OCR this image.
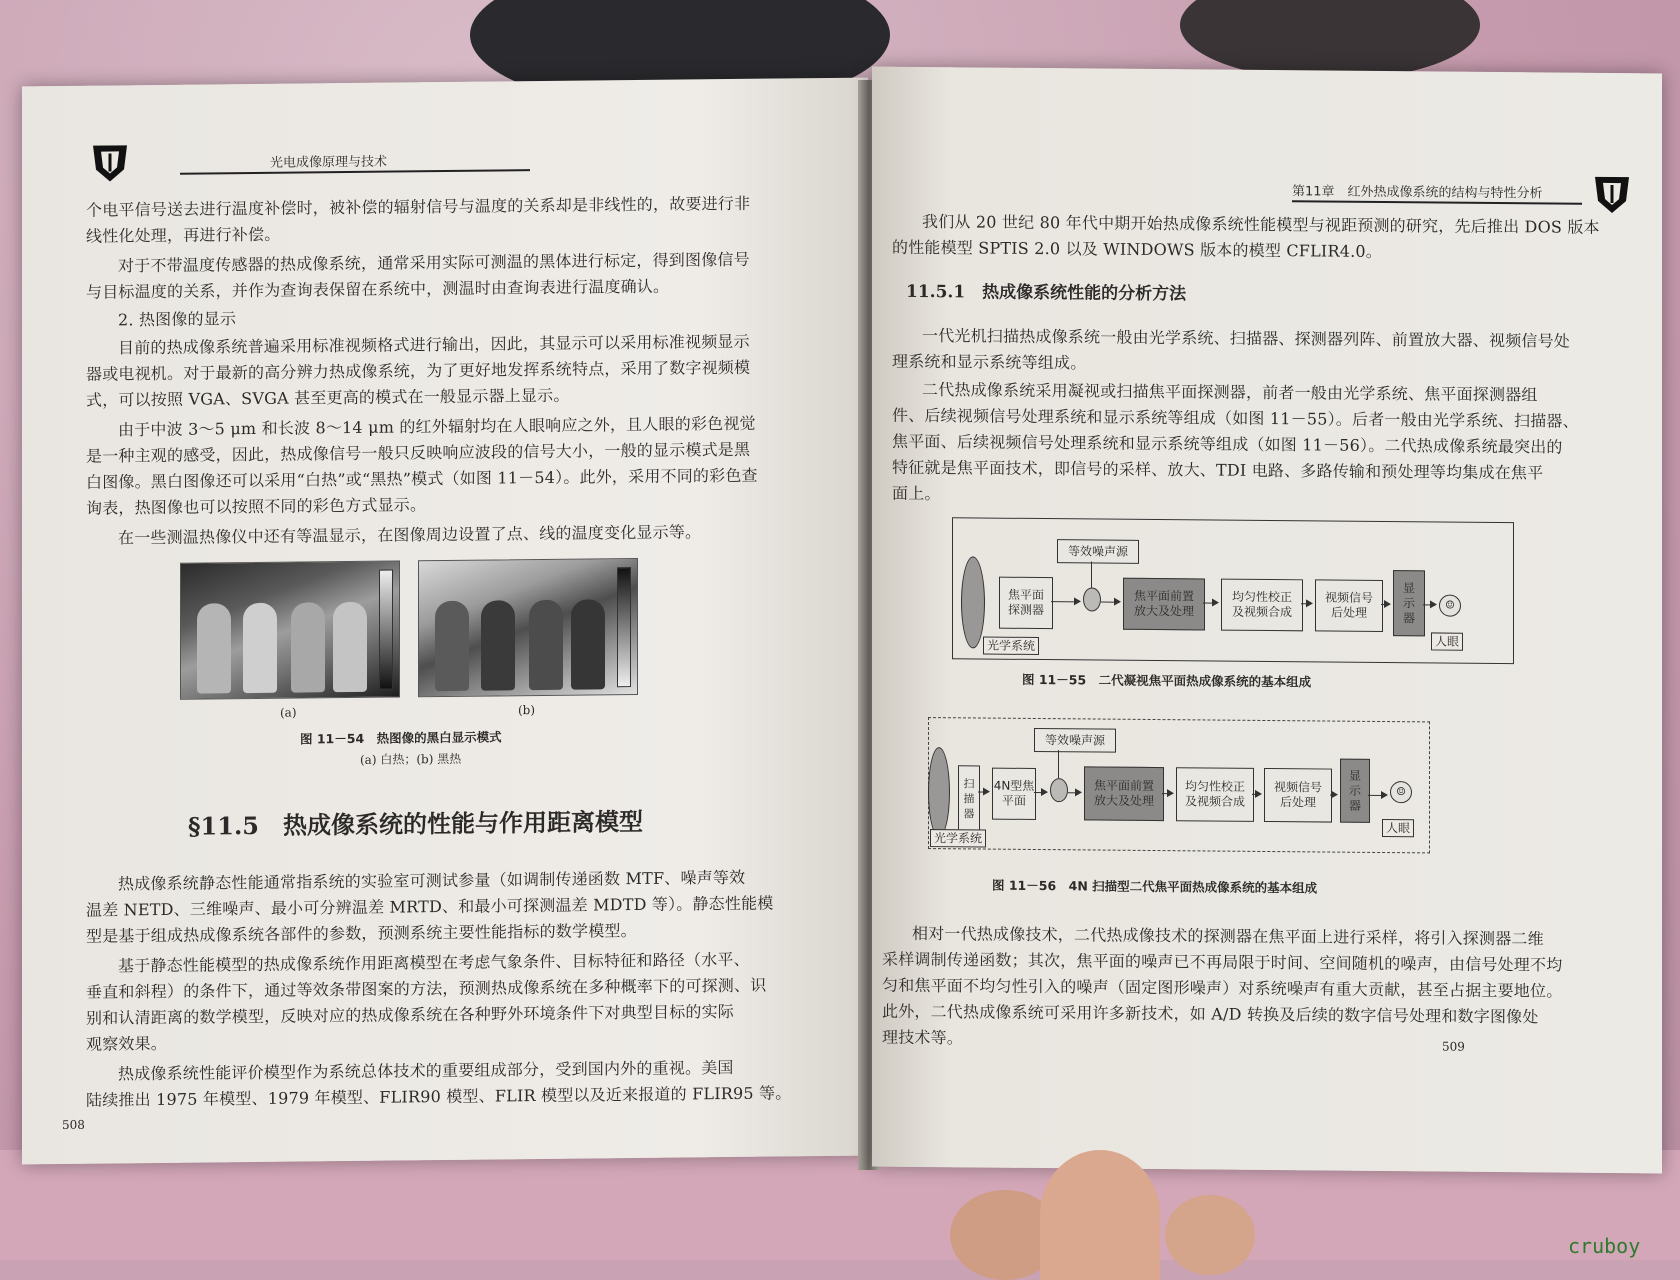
光电成像原理与技术

个电平信号送去进行温度补偿时，被补偿的辐射信号与温度的关系却是非线性的，故要进行非

线性化处理，再进行补偿。

对于不带温度传感器的热成像系统，通常采用实际可测温的黑体进行标定，得到图像信号

与目标温度的关系，并作为查询表保留在系统中，测温时由查询表进行温度确认。

2. 热图像的显示

目前的热成像系统普遍采用标准视频格式进行输出，因此，其显示可以采用标准视频显示

器或电视机。对于最新的高分辨力热成像系统，为了更好地发挥系统特点，采用了数字视频模

式，可以按照 VGA、SVGA 甚至更高的模式在一般显示器上显示。

由于中波 3～5 μm 和长波 8～14 μm 的红外辐射均在人眼响应之外，且人眼的彩色视觉

是一种主观的感受，因此，热成像信号一般只反映响应波段的信号大小，一般的显示模式是黑

白图像。黑白图像还可以采用“白热”或“黑热”模式（如图 11－54）。此外，采用不同的彩色查

询表，热图像也可以按照不同的彩色方式显示。

在一些测温热像仪中还有等温显示，在图像周边设置了点、线的温度变化显示等。

(a)	(b)
图 11－54　热图像的黑白显示模式
(a) 白热；(b) 黑热
§11.5　热成像系统的性能与作用距离模型

热成像系统静态性能通常指系统的实验室可测试参量（如调制传递函数 MTF、噪声等效

温差 NETD、三维噪声、最小可分辨温差 MRTD、和最小可探测温差 MDTD 等）。静态性能模

型是基于组成热成像系统各部件的参数，预测系统主要性能指标的数学模型。

基于静态性能模型的热成像系统作用距离模型在考虑气象条件、目标特征和路径（水平、

垂直和斜程）的条件下，通过等效条带图案的方法，预测热成像系统在多种概率下的可探测、识

别和认清距离的数学模型，反映对应的热成像系统在各种野外环境条件下对典型目标的实际

观察效果。

热成像系统性能评价模型作为系统总体技术的重要组成部分，受到国内外的重视。美国

陆续推出 1975 年模型、1979 年模型、FLIR90 模型、FLIR 模型以及近来报道的 FLIR95 等。

508
第11章　红外热成像系统的结构与特性分析

我们从 20 世纪 80 年代中期开始热成像系统性能模型与视距预测的研究，先后推出 DOS 版本

的性能模型 SPTIS 2.0 以及 WINDOWS 版本的模型 CFLIR4.0。

11.5.1　热成像系统性能的分析方法

一代光机扫描热成像系统一般由光学系统、扫描器、探测器列阵、前置放大器、视频信号处

理系统和显示系统等组成。

二代热成像系统采用凝视或扫描焦平面探测器，前者一般由光学系统、焦平面探测器组

件、后续视频信号处理系统和显示系统等组成（如图 11－55）。后者一般由光学系统、扫描器、

焦平面、后续视频信号处理系统和显示系统等组成（如图 11－56）。二代热成像系统最突出的

特征就是焦平面技术，即信号的采样、放大、TDI 电路、多路传输和预处理等均集成在焦平

面上。

焦平面
探测器
等效噪声源
焦平面前置
放大及处理
均匀性校正
及视频合成
视频信号
后处理
显
示
器
☺
人眼
光学系统
图 11－55　二代凝视焦平面热成像系统的基本组成
扫
描
器
4N型焦
平面
等效噪声源
焦平面前置
放大及处理
均匀性校正
及视频合成
视频信号
后处理
显
示
器
☺
人眼
光学系统
图 11－56　4N 扫描型二代焦平面热成像系统的基本组成

相对一代热成像技术，二代热成像技术的探测器在焦平面上进行采样，将引入探测器二维

采样调制传递函数；其次，焦平面的噪声已不再局限于时间、空间随机的噪声，由信号处理不均

匀和焦平面不均匀性引入的噪声（固定图形噪声）对系统噪声有重大贡献，甚至占据主要地位。

此外，二代热成像系统可采用许多新技术，如 A/D 转换及后续的数字信号处理和数字图像处

理技术等。	509
cruboy
